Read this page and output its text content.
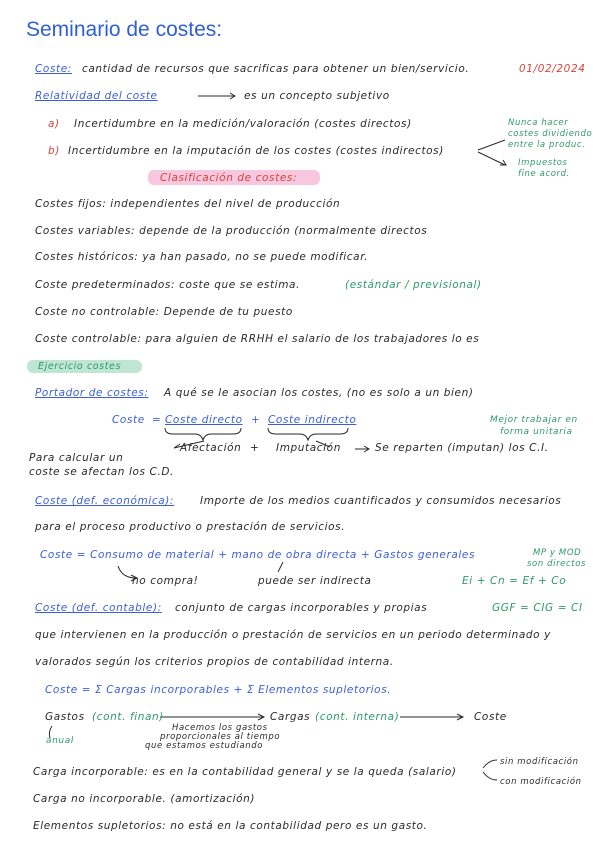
Seminario de costes:
Coste: cantidad de recursos que sacrificas para obtener un bien/servicio.	01/02/2024
Relatividad del coste	es un concepto subjetivo
a) Incertidumbre en la medición/valoración (costes directos)
b) Incertidumbre en la imputación de los costes (costes indirectos)
Nunca hacer
costes dividiendo
entre la produc.
Impuestos
fine acord.
Clasificación de costes:
Costes fijos: independientes del nivel de producción
Costes variables: depende de la producción (normalmente directos
Costes históricos: ya han pasado, no se puede modificar.
Coste predeterminados: coste que se estima.	(estándar / previsional)
Coste no controlable: Depende de tu puesto
Coste controlable: para alguien de RRHH el salario de los trabajadores lo es
Ejercicio costes
Portador de costes: A qué se le asocian los costes, (no es solo a un bien)
Coste = Coste directo + Coste indirecto	Mejor trabajar en
forma unitaria
Afectación + Imputación	Se reparten (imputan) los C.I.
Para calcular un
coste se afectan los C.D.
Coste (def. económica): Importe de los medios cuantificados y consumidos necesarios
para el proceso productivo o prestación de servicios.
Coste = Consumo de material + mano de obra directa + Gastos generales	MP y MOD
son directos
no compra!	puede ser indirecta	Ei + Cn = Ef + Co
Coste (def. contable): conjunto de cargas incorporables y propias	GGF = CIG = CI
que intervienen en la producción o prestación de servicios en un periodo determinado y
valorados según los criterios propios de contabilidad interna.
Coste = Σ Cargas incorporables + Σ Elementos supletorios.
Gastos (cont. finan)	Cargas (cont. interna)	Coste
anual
Hacemos los gastos
proporcionales al tiempo
que estamos estudiando
Carga incorporable: es en la contabilidad general y se la queda (salario)
sin modificación
con modificación
Carga no incorporable. (amortización)
Elementos supletorios: no está en la contabilidad pero es un gasto.
